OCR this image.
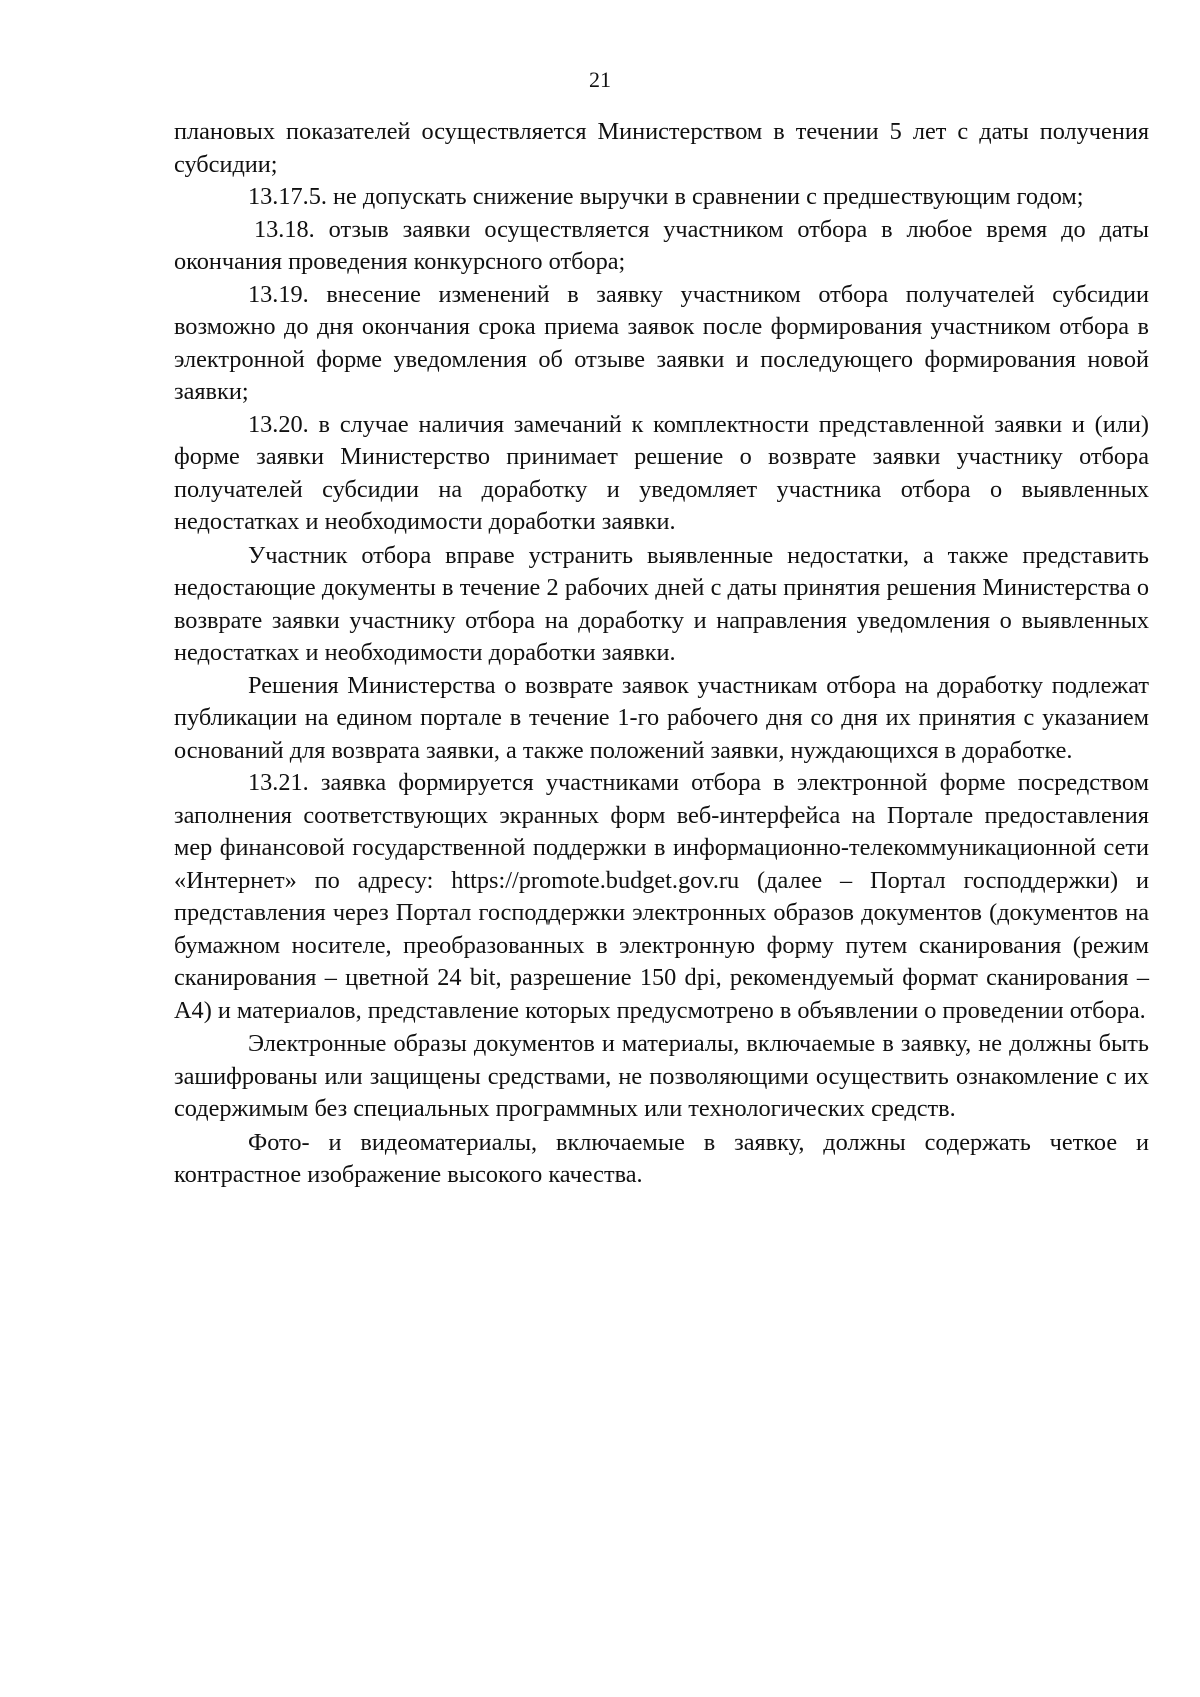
21

плановых показателей осуществляется Министерством в течении 5 лет с даты получения субсидии;

13.17.5. не допускать снижение выручки в сравнении с предшествующим годом;

13.18. отзыв заявки осуществляется участником отбора в любое время до даты окончания проведения конкурсного отбора;

13.19. внесение изменений в заявку участником отбора получателей субсидии возможно до дня окончания срока приема заявок после формирования участником отбора в электронной форме уведомления об отзыве заявки и последующего формирования новой заявки;

13.20. в случае наличия замечаний к комплектности представленной заявки и (или) форме заявки Министерство принимает решение о возврате заявки участнику отбора получателей субсидии на доработку и уведомляет участника отбора о выявленных недостатках и необходимости доработки заявки.

Участник отбора вправе устранить выявленные недостатки, а также представить недостающие документы в течение 2 рабочих дней с даты принятия решения Министерства о возврате заявки участнику отбора на доработку и направления уведомления о выявленных недостатках и необходимости доработки заявки.

Решения Министерства о возврате заявок участникам отбора на доработку подлежат публикации на едином портале в течение 1-го рабочего дня со дня их принятия с указанием оснований для возврата заявки, а также положений заявки, нуждающихся в доработке.

13.21. заявка формируется участниками отбора в электронной форме посредством заполнения соответствующих экранных форм веб-интерфейса на Портале предоставления мер финансовой государственной поддержки в информационно-телекоммуникационной сети «Интернет» по адресу: https://promote.budget.gov.ru (далее – Портал господдержки) и представления через Портал господдержки электронных образов документов (документов на бумажном носителе, преобразованных в электронную форму путем сканирования (режим сканирования – цветной 24 bit, разрешение 150 dpi, рекомендуемый формат сканирования – А4) и материалов, представление которых предусмотрено в объявлении о проведении отбора.

Электронные образы документов и материалы, включаемые в заявку, не должны быть зашифрованы или защищены средствами, не позволяющими осуществить ознакомление с их содержимым без специальных программных или технологических средств.

Фото- и видеоматериалы, включаемые в заявку, должны содержать четкое и контрастное изображение высокого качества.
